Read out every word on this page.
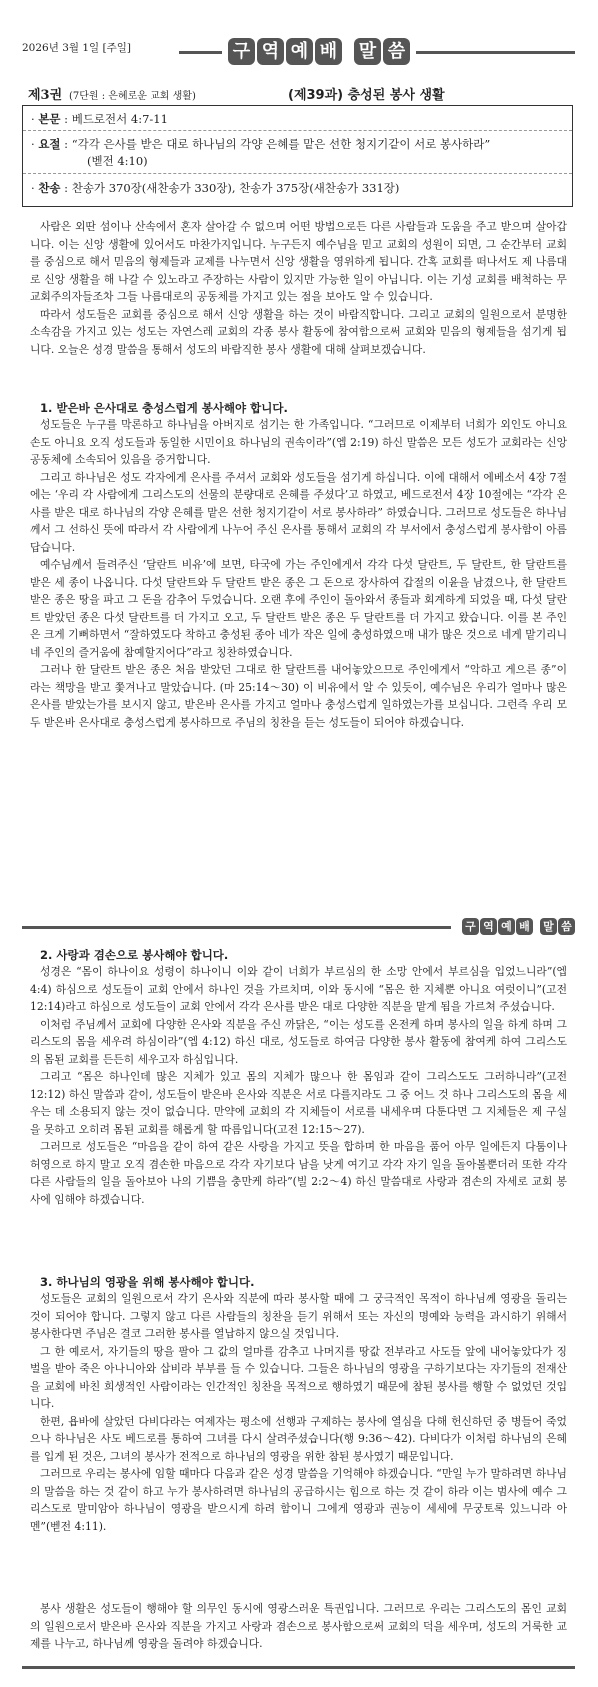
2026년 3월 1일 [주일]	구 역 예 배 말 씀
제3권 (7단원 : 은혜로운 교회 생활)	(제39과) 충성된 봉사 생활
· 본문 : 베드로전서 4:7-11
· 요절 : “각각 은사를 받은 대로 하나님의 각양 은혜를 맡은 선한 청지기같이 서로 봉사하라”
(벧전 4:10)
· 찬송 : 찬송가 370장(새찬송가 330장), 찬송가 375장(새찬송가 331장)

사람은 외딴 섬이나 산속에서 혼자 살아갈 수 없으며 어떤 방법으로든 다른 사람들과 도움을 주고 받으며 살아갑니다. 이는 신앙 생활에 있어서도 마찬가지입니다. 누구든지 예수님을 믿고 교회의 성원이 되면, 그 순간부터 교회를 중심으로 해서 믿음의 형제들과 교제를 나누면서 신앙 생활을 영위하게 됩니다. 간혹 교회를 떠나서도 제 나름대로 신앙 생활을 해 나갈 수 있노라고 주장하는 사람이 있지만 가능한 일이 아닙니다. 이는 기성 교회를 배척하는 무교회주의자들조차 그들 나름대로의 공동체를 가지고 있는 점을 보아도 알 수 있습니다.

따라서 성도들은 교회를 중심으로 해서 신앙 생활을 하는 것이 바람직합니다. 그리고 교회의 일원으로서 분명한 소속감을 가지고 있는 성도는 자연스레 교회의 각종 봉사 활동에 참여함으로써 교회와 믿음의 형제들을 섬기게 됩니다. 오늘은 성경 말씀을 통해서 성도의 바람직한 봉사 생활에 대해 살펴보겠습니다.

1. 받은바 은사대로 충성스럽게 봉사해야 합니다.

성도들은 누구를 막론하고 하나님을 아버지로 섬기는 한 가족입니다. “그러므로 이제부터 너희가 외인도 아니요 손도 아니요 오직 성도들과 동일한 시민이요 하나님의 권속이라”(엡 2:19) 하신 말씀은 모든 성도가 교회라는 신앙 공동체에 소속되어 있음을 증거합니다.

그리고 하나님은 성도 각자에게 은사를 주셔서 교회와 성도들을 섬기게 하십니다. 이에 대해서 에베소서 4장 7절에는 ‘우리 각 사람에게 그리스도의 선물의 분량대로 은혜를 주셨다’고 하였고, 베드로전서 4장 10절에는 “각각 은사를 받은 대로 하나님의 각양 은혜를 맡은 선한 청지기같이 서로 봉사하라” 하였습니다. 그러므로 성도들은 하나님께서 그 선하신 뜻에 따라서 각 사람에게 나누어 주신 은사를 통해서 교회의 각 부서에서 충성스럽게 봉사함이 아름답습니다.

예수님께서 들려주신 ‘달란트 비유’에 보면, 타국에 가는 주인에게서 각각 다섯 달란트, 두 달란트, 한 달란트를 받은 세 종이 나옵니다. 다섯 달란트와 두 달란트 받은 종은 그 돈으로 장사하여 갑절의 이윤을 남겼으나, 한 달란트 받은 종은 땅을 파고 그 돈을 감추어 두었습니다. 오랜 후에 주인이 돌아와서 종들과 회계하게 되었을 때, 다섯 달란트 받았던 종은 다섯 달란트를 더 가지고 오고, 두 달란트 받은 종은 두 달란트를 더 가지고 왔습니다. 이를 본 주인은 크게 기뻐하면서 “잘하였도다 착하고 충성된 종아 네가 작은 일에 충성하였으매 내가 많은 것으로 네게 맡기리니 네 주인의 즐거움에 참예할지어다”라고 칭찬하였습니다.

그러나 한 달란트 받은 종은 처음 받았던 그대로 한 달란트를 내어놓았으므로 주인에게서 “악하고 게으른 종”이라는 책망을 받고 쫓겨나고 말았습니다. (마 25:14～30) 이 비유에서 알 수 있듯이, 예수님은 우리가 얼마나 많은 은사를 받았는가를 보시지 않고, 받은바 은사를 가지고 얼마나 충성스럽게 일하였는가를 보십니다. 그런즉 우리 모두 받은바 은사대로 충성스럽게 봉사하므로 주님의 칭찬을 듣는 성도들이 되어야 하겠습니다.

구 역 예 배 말 씀
2. 사랑과 겸손으로 봉사해야 합니다.

성경은 “몸이 하나이요 성령이 하나이니 이와 같이 너희가 부르심의 한 소망 안에서 부르심을 입었느니라”(엡 4:4) 하심으로 성도들이 교회 안에서 하나인 것을 가르치며, 이와 동시에 “몸은 한 지체뿐 아니요 여럿이니”(고전 12:14)라고 하심으로 성도들이 교회 안에서 각각 은사를 받은 대로 다양한 직분을 맡게 됨을 가르쳐 주셨습니다.

이처럼 주님께서 교회에 다양한 은사와 직분을 주신 까닭은, “이는 성도를 온전케 하며 봉사의 일을 하게 하며 그리스도의 몸을 세우려 하심이라”(엡 4:12) 하신 대로, 성도들로 하여금 다양한 봉사 활동에 참여케 하여 그리스도의 몸된 교회를 든든히 세우고자 하심입니다.

그리고 “몸은 하나인데 많은 지체가 있고 몸의 지체가 많으나 한 몸임과 같이 그리스도도 그러하니라”(고전 12:12) 하신 말씀과 같이, 성도들이 받은바 은사와 직분은 서로 다를지라도 그 중 어느 것 하나 그리스도의 몸을 세우는 데 소용되지 않는 것이 없습니다. 만약에 교회의 각 지체들이 서로를 내세우며 다툰다면 그 지체들은 제 구실을 못하고 오히려 몸된 교회를 해롭게 할 따름입니다(고전 12:15～27).

그러므로 성도들은 “마음을 같이 하여 같은 사랑을 가지고 뜻을 합하며 한 마음을 품어 아무 일에든지 다툼이나 허영으로 하지 말고 오직 겸손한 마음으로 각각 자기보다 남을 낫게 여기고 각각 자기 일을 돌아볼뿐더러 또한 각각 다른 사람들의 일을 돌아보아 나의 기쁨을 충만케 하라”(빌 2:2～4) 하신 말씀대로 사랑과 겸손의 자세로 교회 봉사에 임해야 하겠습니다.

3. 하나님의 영광을 위해 봉사해야 합니다.

성도들은 교회의 일원으로서 각기 은사와 직분에 따라 봉사할 때에 그 궁극적인 목적이 하나님께 영광을 돌리는 것이 되어야 합니다. 그렇지 않고 다른 사람들의 칭찬을 듣기 위해서 또는 자신의 명예와 능력을 과시하기 위해서 봉사한다면 주님은 결코 그러한 봉사를 열납하지 않으실 것입니다.

그 한 예로서, 자기들의 땅을 팔아 그 값의 얼마를 감추고 나머지를 땅값 전부라고 사도들 앞에 내어놓았다가 징벌을 받아 죽은 아나니아와 삽비라 부부를 들 수 있습니다. 그들은 하나님의 영광을 구하기보다는 자기들의 전재산을 교회에 바친 희생적인 사람이라는 인간적인 칭찬을 목적으로 행하였기 때문에 참된 봉사를 행할 수 없었던 것입니다.

한편, 욥바에 살았던 다비다라는 여제자는 평소에 선행과 구제하는 봉사에 열심을 다해 헌신하던 중 병들어 죽었으나 하나님은 사도 베드로를 통하여 그녀를 다시 살려주셨습니다(행 9:36～42). 다비다가 이처럼 하나님의 은혜를 입게 된 것은, 그녀의 봉사가 전적으로 하나님의 영광을 위한 참된 봉사였기 때문입니다.

그러므로 우리는 봉사에 임할 때마다 다음과 같은 성경 말씀을 기억해야 하겠습니다. “만일 누가 말하려면 하나님의 말씀을 하는 것 같이 하고 누가 봉사하려면 하나님의 공급하시는 힘으로 하는 것 같이 하라 이는 범사에 예수 그리스도로 말미암아 하나님이 영광을 받으시게 하려 함이니 그에게 영광과 권능이 세세에 무궁토록 있느니라 아멘”(벧전 4:11).

봉사 생활은 성도들이 행해야 할 의무인 동시에 영광스러운 특권입니다. 그러므로 우리는 그리스도의 몸인 교회의 일원으로서 받은바 은사와 직분을 가지고 사랑과 겸손으로 봉사함으로써 교회의 덕을 세우며, 성도의 거룩한 교제를 나누고, 하나님께 영광을 돌려야 하겠습니다.
